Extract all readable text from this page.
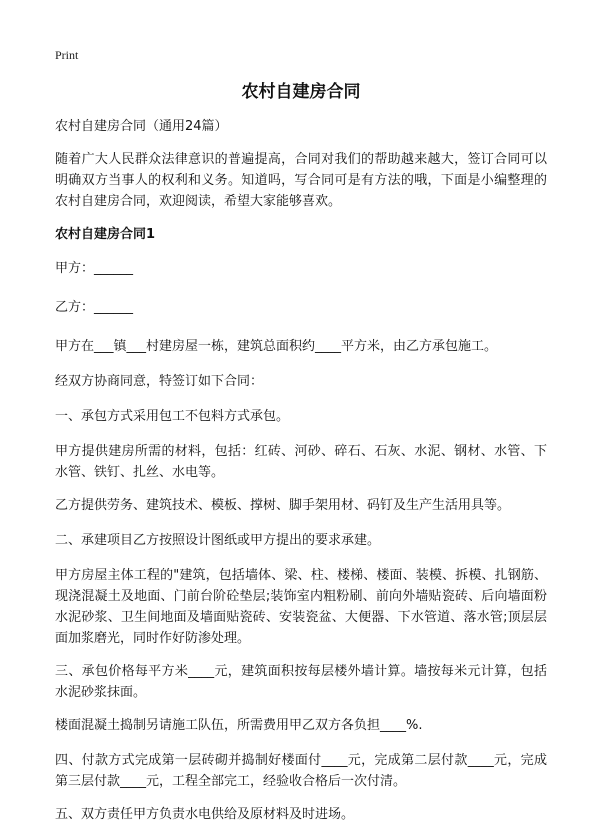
Print
农村自建房合同
农村自建房合同（通用24篇）
随着广大人民群众法律意识的普遍提高，合同对我们的帮助越来越大，签订合同可以明确双方当事人的权利和义务。知道吗，写合同可是有方法的哦，下面是小编整理的农村自建房合同，欢迎阅读，希望大家能够喜欢。
农村自建房合同1
甲方：______
乙方：______
甲方在___镇___村建房屋一栋，建筑总面积约____平方米，由乙方承包施工。
经双方协商同意，特签订如下合同：
一、承包方式采用包工不包料方式承包。
甲方提供建房所需的材料，包括：红砖、河砂、碎石、石灰、水泥、钢材、水管、下水管、铁钉、扎丝、水电等。
乙方提供劳务、建筑技术、模板、撑树、脚手架用材、码钉及生产生活用具等。
二、承建项目乙方按照设计图纸或甲方提出的要求承建。
甲方房屋主体工程的"建筑，包括墙体、梁、柱、楼梯、楼面、装模、拆模、扎钢筋、现浇混凝土及地面、门前台阶砼垫层;装饰室内粗粉刷、前向外墙贴瓷砖、后向墙面粉水泥砂浆、卫生间地面及墙面贴瓷砖、安装瓷盆、大便器、下水管道、落水管;顶层层面加浆磨光，同时作好防渗处理。
三、承包价格每平方米____元，建筑面积按每层楼外墙计算。墙按每米元计算，包括水泥砂浆抹面。
楼面混凝土捣制另请施工队伍，所需费用甲乙双方各负担____%.
四、付款方式完成第一层砖砌并捣制好楼面付____元，完成第二层付款____元，完成第三层付款____元，工程全部完工，经验收合格后一次付清。
五、双方责任甲方负责水电供给及原材料及时进场。
